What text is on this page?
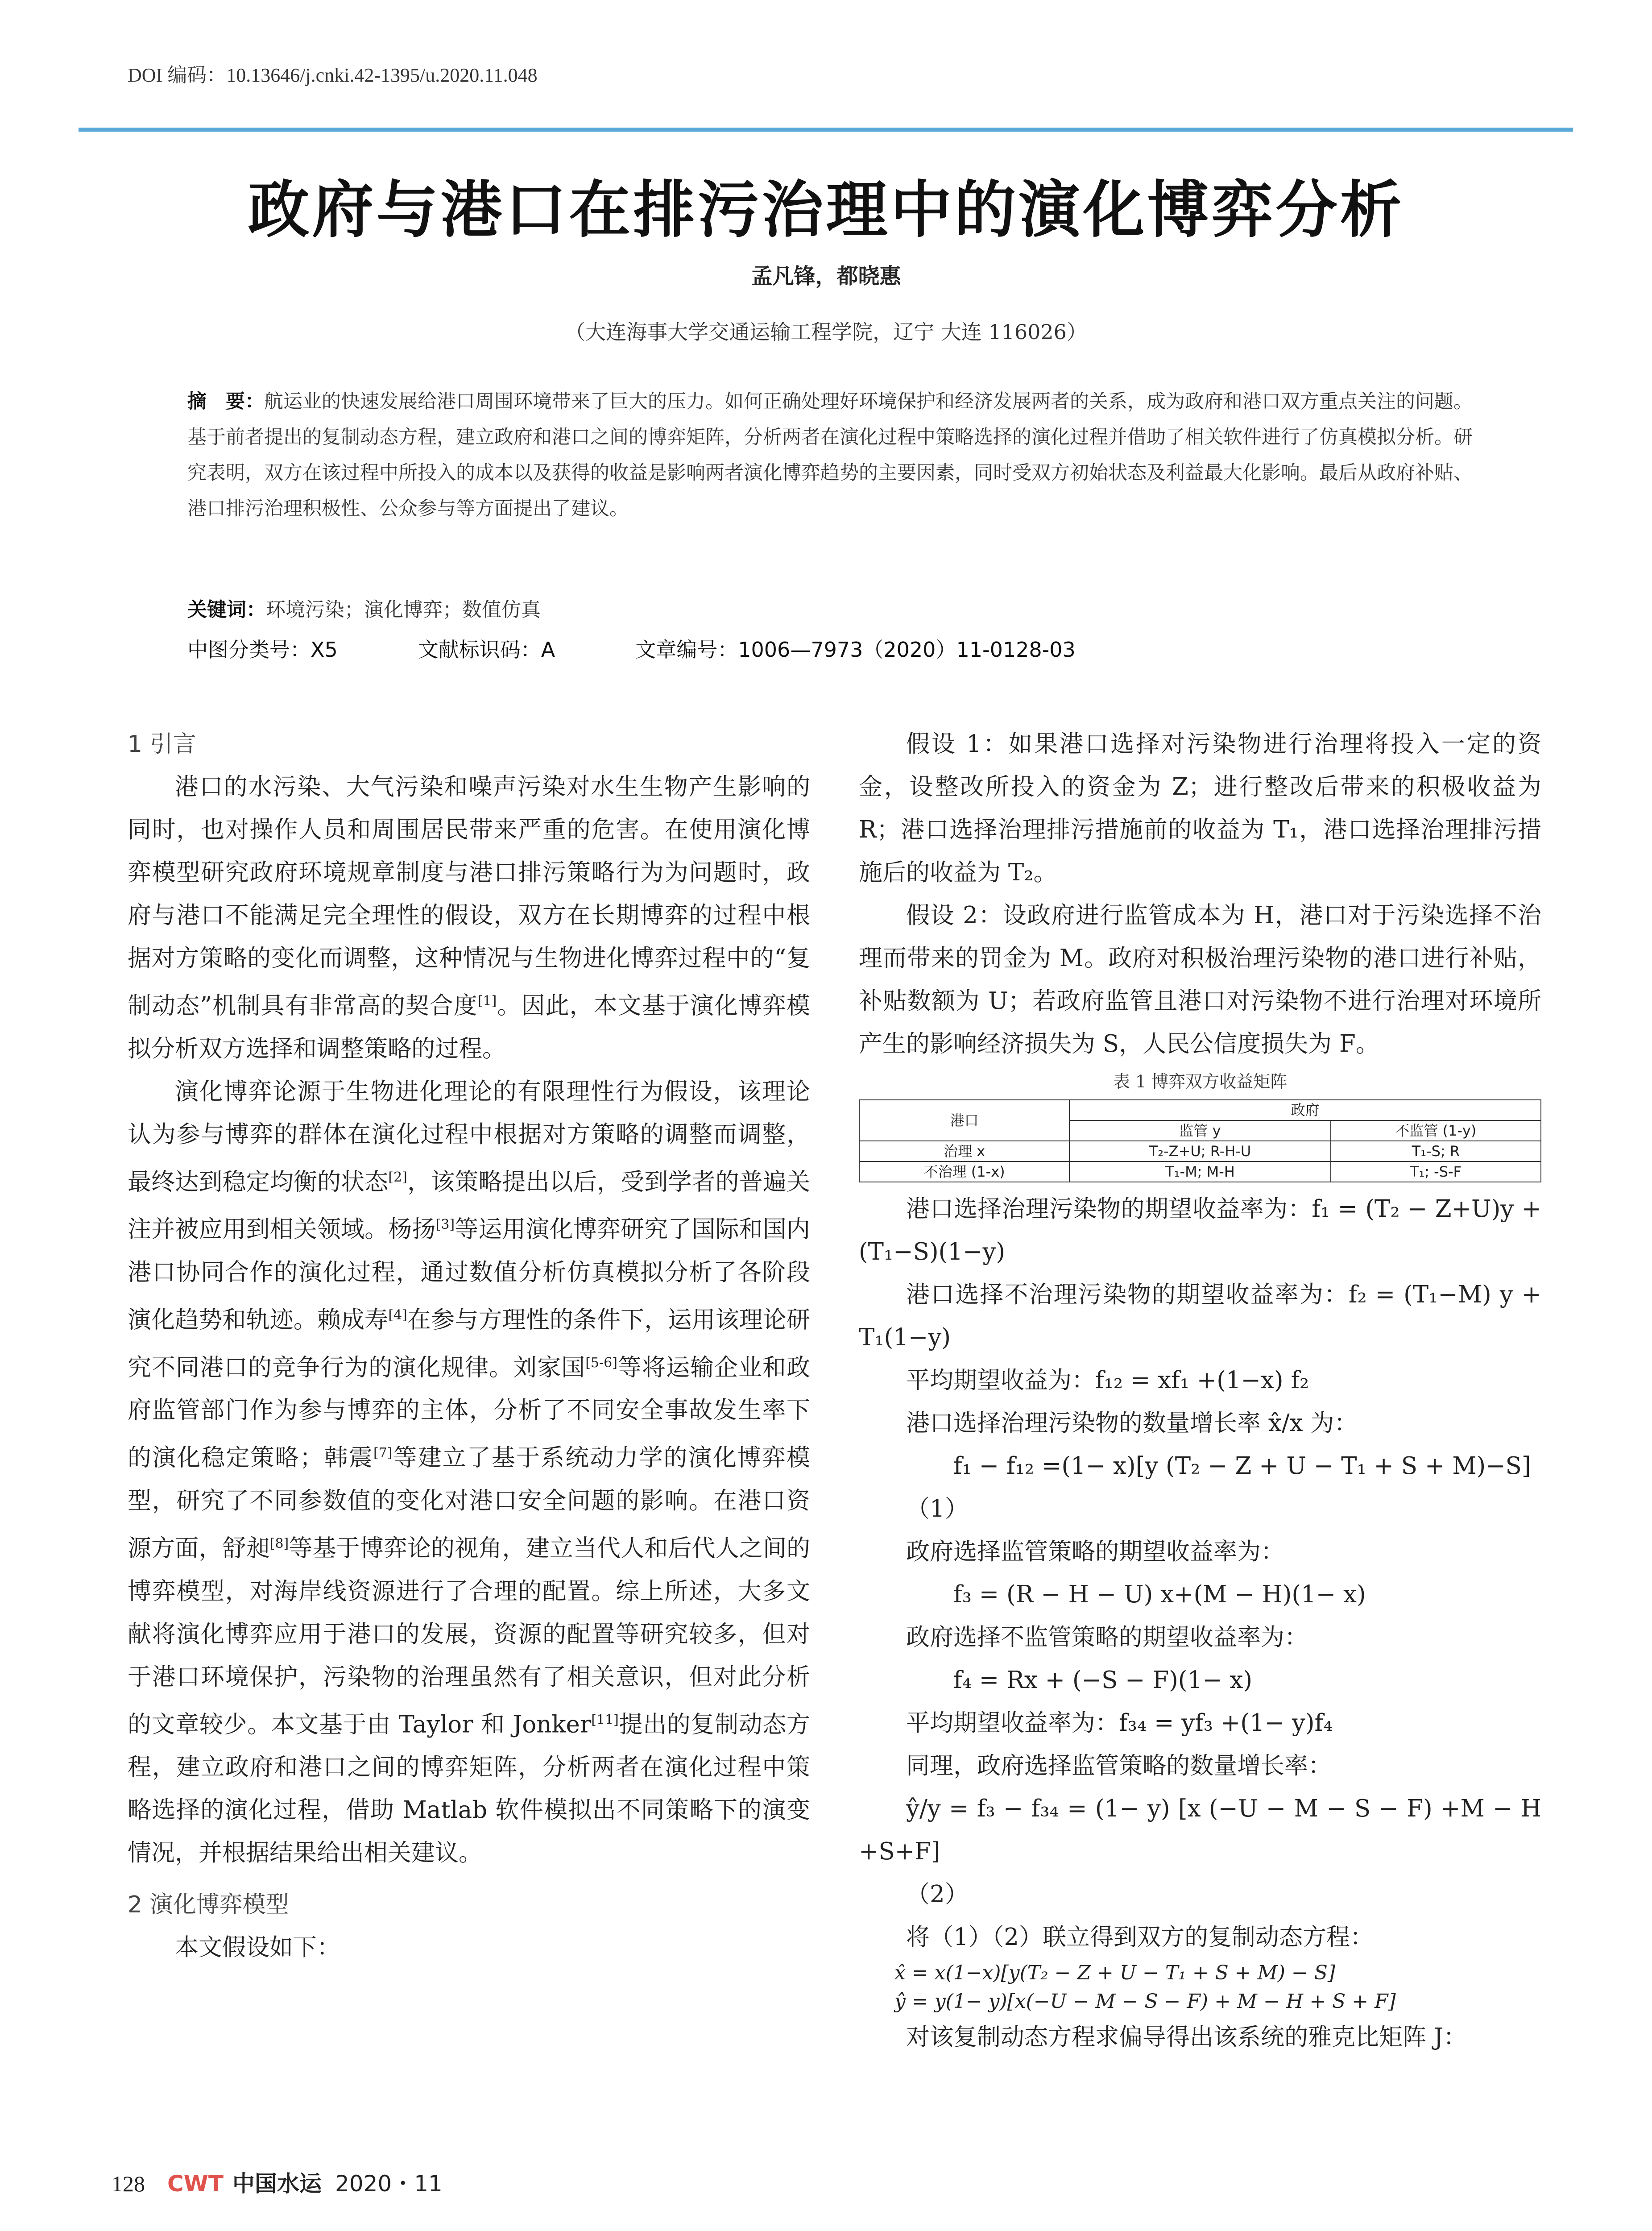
DOI 编码：10.13646/j.cnki.42-1395/u.2020.11.048
政府与港口在排污治理中的演化博弈分析
孟凡锋，都晓惠
（大连海事大学交通运输工程学院，辽宁 大连 116026）
摘　要：航运业的快速发展给港口周围环境带来了巨大的压力。如何正确处理好环境保护和经济发展两者的关系，成为政府和港口双方重点关注的问题。基于前者提出的复制动态方程，建立政府和港口之间的博弈矩阵，分析两者在演化过程中策略选择的演化过程并借助了相关软件进行了仿真模拟分析。研究表明，双方在该过程中所投入的成本以及获得的收益是影响两者演化博弈趋势的主要因素，同时受双方初始状态及利益最大化影响。最后从政府补贴、港口排污治理积极性、公众参与等方面提出了建议。
关键词：环境污染；演化博弈；数值仿真
中图分类号：X5	文献标识码：A	文章编号：1006—7973（2020）11-0128-03

1 引言

港口的水污染、大气污染和噪声污染对水生生物产生影响的同时，也对操作人员和周围居民带来严重的危害。在使用演化博弈模型研究政府环境规章制度与港口排污策略行为为问题时，政府与港口不能满足完全理性的假设，双方在长期博弈的过程中根据对方策略的变化而调整，这种情况与生物进化博弈过程中的“复制动态”机制具有非常高的契合度[1]。因此，本文基于演化博弈模拟分析双方选择和调整策略的过程。

演化博弈论源于生物进化理论的有限理性行为假设，该理论认为参与博弈的群体在演化过程中根据对方策略的调整而调整，最终达到稳定均衡的状态[2]，该策略提出以后，受到学者的普遍关注并被应用到相关领域。杨扬[3]等运用演化博弈研究了国际和国内港口协同合作的演化过程，通过数值分析仿真模拟分析了各阶段演化趋势和轨迹。赖成寿[4]在参与方理性的条件下，运用该理论研究不同港口的竞争行为的演化规律。刘家国[5-6]等将运输企业和政府监管部门作为参与博弈的主体，分析了不同安全事故发生率下的演化稳定策略；韩震[7]等建立了基于系统动力学的演化博弈模型，研究了不同参数值的变化对港口安全问题的影响。在港口资源方面，舒昶[8]等基于博弈论的视角，建立当代人和后代人之间的博弈模型，对海岸线资源进行了合理的配置。综上所述，大多文献将演化博弈应用于港口的发展，资源的配置等研究较多，但对于港口环境保护，污染物的治理虽然有了相关意识，但对此分析的文章较少。本文基于由 Taylor 和 Jonker[11]提出的复制动态方程，建立政府和港口之间的博弈矩阵，分析两者在演化过程中策略选择的演化过程，借助 Matlab 软件模拟出不同策略下的演变情况，并根据结果给出相关建议。

2 演化博弈模型

本文假设如下：

假设 1：如果港口选择对污染物进行治理将投入一定的资金，设整改所投入的资金为 Z；进行整改后带来的积极收益为 R；港口选择治理排污措施前的收益为 T₁，港口选择治理排污措施后的收益为 T₂。

假设 2：设政府进行监管成本为 H，港口对于污染选择不治理而带来的罚金为 M。政府对积极治理污染物的港口进行补贴，补贴数额为 U；若政府监管且港口对污染物不进行治理对环境所产生的影响经济损失为 S，人民公信度损失为 F。

表 1 博弈双方收益矩阵
港口	政府	
	监管 y	不监管 (1-y)
治理 x	T₂-Z+U; R-H-U	T₁-S; R
不治理 (1-x)	T₁-M; M-H	T₁; -S-F

港口选择治理污染物的期望收益率为：f₁ = (T₂ − Z+U)y + (T₁−S)(1−y)

港口选择不治理污染物的期望收益率为：f₂ = (T₁−M) y + T₁(1−y)

平均期望收益为：f₁₂ = xf₁ +(1−x) f₂

港口选择治理污染物的数量增长率 x̂/x 为：

f₁ − f₁₂ =(1− x)[y (T₂ − Z + U − T₁ + S + M)−S]

（1）

政府选择监管策略的期望收益率为：

f₃ = (R − H − U) x+(M − H)(1− x)

政府选择不监管策略的期望收益率为：

f₄ = Rx + (−S − F)(1− x)

平均期望收益率为：f₃₄ = yf₃ +(1− y)f₄

同理，政府选择监管策略的数量增长率：

ŷ/y = f₃ − f₃₄ = (1− y) [x (−U − M − S − F) +M − H +S+F]

（2）

将（1）（2）联立得到双方的复制动态方程：

x̂ = x(1−x)[y(T₂ − Z + U − T₁ + S + M) − S]
ŷ = y(1− y)[x(−U − M − S − F) + M − H + S + F]

对该复制动态方程求偏导得出该系统的雅克比矩阵 J：

128 CWT 中国水运 2020・11
